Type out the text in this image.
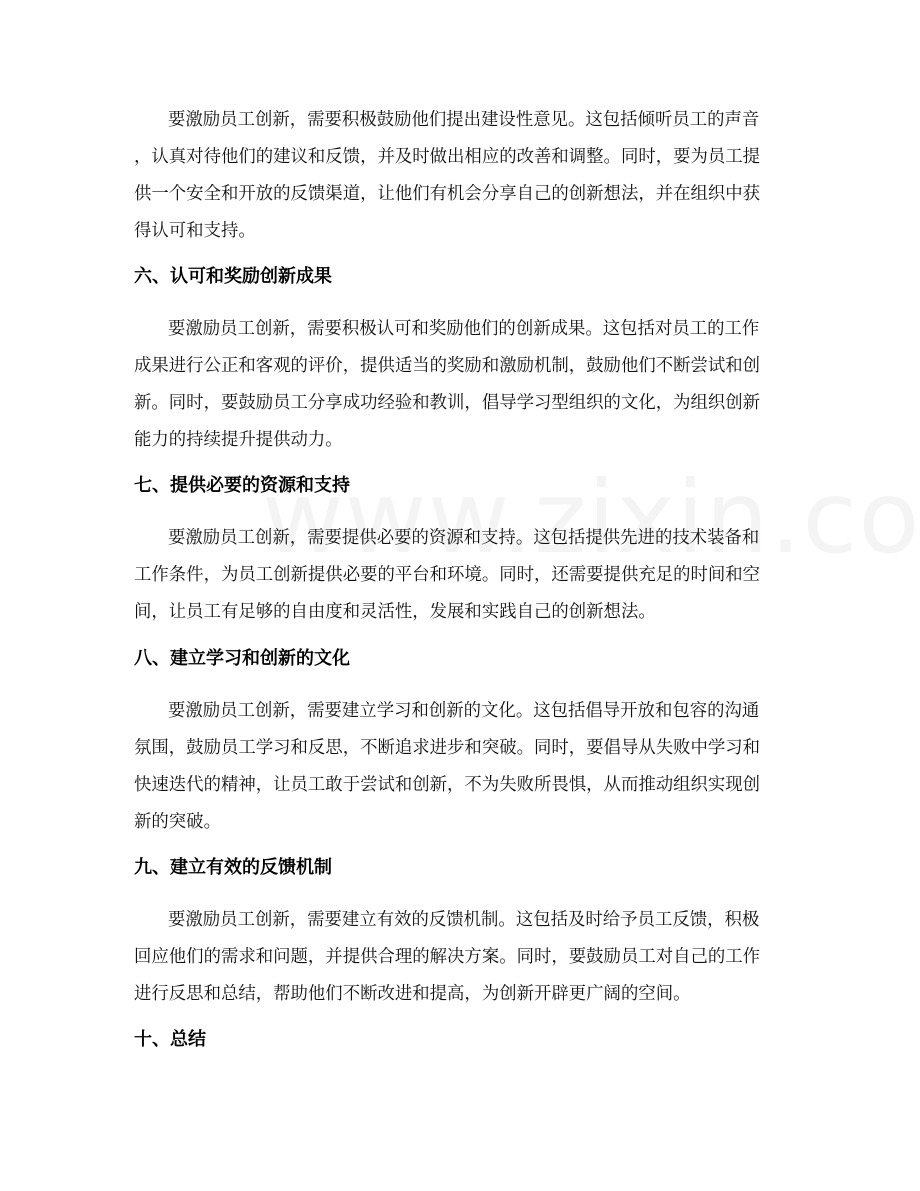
要激励员工创新，需要积极鼓励他们提出建设性意见。这包括倾听员工的声音
，认真对待他们的建议和反馈，并及时做出相应的改善和调整。同时，要为员工提
供一个安全和开放的反馈渠道，让他们有机会分享自己的创新想法，并在组织中获
得认可和支持。
六、认可和奖励创新成果
要激励员工创新，需要积极认可和奖励他们的创新成果。这包括对员工的工作
成果进行公正和客观的评价，提供适当的奖励和激励机制，鼓励他们不断尝试和创
新。同时，要鼓励员工分享成功经验和教训，倡导学习型组织的文化，为组织创新
能力的持续提升提供动力。
七、提供必要的资源和支持
要激励员工创新，需要提供必要的资源和支持。这包括提供先进的技术装备和
工作条件，为员工创新提供必要的平台和环境。同时，还需要提供充足的时间和空
间，让员工有足够的自由度和灵活性，发展和实践自己的创新想法。
八、建立学习和创新的文化
要激励员工创新，需要建立学习和创新的文化。这包括倡导开放和包容的沟通
氛围，鼓励员工学习和反思，不断追求进步和突破。同时，要倡导从失败中学习和
快速迭代的精神，让员工敢于尝试和创新，不为失败所畏惧，从而推动组织实现创
新的突破。
九、建立有效的反馈机制
要激励员工创新，需要建立有效的反馈机制。这包括及时给予员工反馈，积极
回应他们的需求和问题，并提供合理的解决方案。同时，要鼓励员工对自己的工作
进行反思和总结，帮助他们不断改进和提高，为创新开辟更广阔的空间。
十、总结
